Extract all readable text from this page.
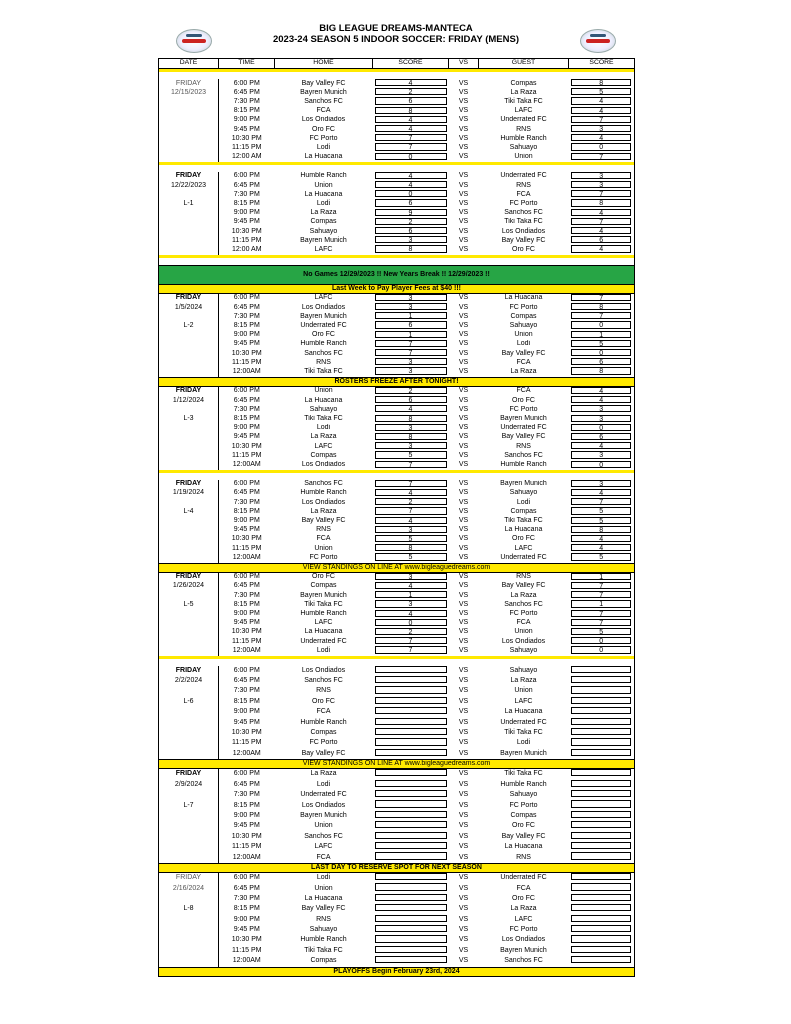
BIG LEAGUE DREAMS-MANTECA
2023-24 SEASON 5 INDOOR SOCCER: FRIDAY (MENS)
DATE	TIME	HOME	SCORE	VS	GUEST	SCORE

FRIDAY	6:00 PM	Bay Valley FC	4	VS	Compas	8
12/15/2023	6:45 PM	Bayren Munich	2	VS	La Raza	5
	7:30 PM	Sanchos FC	6	VS	Tiki Taka FC	4
	8:15 PM	FCA	8	VS	LAFC	4
	9:00 PM	Los Ondiados	4	VS	Underrated FC	7
	9:45 PM	Oro FC	4	VS	RNS	3
	10:30 PM	FC Porto	7	VS	Humble Ranch	4
	11:15 PM	Lodi	7	VS	Sahuayo	0
	12:00 AM	La Huacana	0	VS	Union	7

FRIDAY	6:00 PM	Humble Ranch	4	VS	Underrated FC	3
12/22/2023	6:45 PM	Union	4	VS	RNS	3
	7:30 PM	La Huacana	0	VS	FCA	7
L-1	8:15 PM	Lodi	6	VS	FC Porto	8
	9:00 PM	La Raza	9	VS	Sanchos FC	4
	9:45 PM	Compas	2	VS	Tiki Taka FC	7
	10:30 PM	Sahuayo	6	VS	Los Ondiados	4
	11:15 PM	Bayren Munich	3	VS	Bay Valley FC	6
	12:00 AM	LAFC	8	VS	Oro FC	4

No Games 12/29/2023 !! New Years Break !! 12/29/2023 !!						
Last Week to Pay Player Fees at $40 !!!						
FRIDAY	6:00 PM	LAFC	3	VS	La Huacana	7
1/5/2024	6:45 PM	Los Ondiados	3	VS	FC Porto	8
	7:30 PM	Bayren Munich	1	VS	Compas	7
L-2	8:15 PM	Underrated FC	6	VS	Sahuayo	0
	9:00 PM	Oro FC	1	VS	Union	1
	9:45 PM	Humble Ranch	7	VS	Lodi	5
	10:30 PM	Sanchos FC	7	VS	Bay Valley FC	0
	11:15 PM	RNS	3	VS	FCA	6
	12:00AM	Tiki Taka FC	3	VS	La Raza	8
ROSTERS FREEZE AFTER TONIGHT!						
FRIDAY	6:00 PM	Union	2	VS	FCA	4
1/12/2024	6:45 PM	La Huacana	6	VS	Oro FC	4
	7:30 PM	Sahuayo	4	VS	FC Porto	3
L-3	8:15 PM	Tiki Taka FC	8	VS	Bayren Munich	3
	9:00 PM	Lodi	3	VS	Underrated FC	0
	9:45 PM	La Raza	8	VS	Bay Valley FC	6
	10:30 PM	LAFC	3	VS	RNS	4
	11:15 PM	Compas	5	VS	Sanchos FC	3
	12:00AM	Los Ondiados	7	VS	Humble Ranch	0

FRIDAY	6:00 PM	Sanchos FC	7	VS	Bayren Munich	3
1/19/2024	6:45 PM	Humble Ranch	4	VS	Sahuayo	4
	7:30 PM	Los Ondiados	2	VS	Lodi	7
L-4	8:15 PM	La Raza	7	VS	Compas	5
	9:00 PM	Bay Valley FC	4	VS	Tiki Taka FC	5
	9:45 PM	RNS	3	VS	La Huacana	8
	10:30 PM	FCA	5	VS	Oro FC	4
	11:15 PM	Union	8	VS	LAFC	4
	12:00AM	FC Porto	5	VS	Underrated FC	5
VIEW STANDINGS ON LINE AT www.bigleaguedreams.com						
FRIDAY	6:00 PM	Oro FC	3	VS	RNS	1
1/26/2024	6:45 PM	Compas	4	VS	Bay Valley FC	7
	7:30 PM	Bayren Munich	1	VS	La Raza	7
L-5	8:15 PM	Tiki Taka FC	3	VS	Sanchos FC	1
	9:00 PM	Humble Ranch	4	VS	FC Porto	7
	9:45 PM	LAFC	0	VS	FCA	7
	10:30 PM	La Huacana	2	VS	Union	5
	11:15 PM	Underrated FC	7	VS	Los Ondiados	0
	12:00AM	Lodi	7	VS	Sahuayo	0

FRIDAY	6:00 PM	Los Ondiados		VS	Sahuayo	
2/2/2024	6:45 PM	Sanchos FC		VS	La Raza	
	7:30 PM	RNS		VS	Union	
L-6	8:15 PM	Oro FC		VS	LAFC	
	9:00 PM	FCA		VS	La Huacana	
	9:45 PM	Humble Ranch		VS	Underrated FC	
	10:30 PM	Compas		VS	Tiki Taka FC	
	11:15 PM	FC Porto		VS	Lodi	
	12:00AM	Bay Valley FC		VS	Bayren Munich	
VIEW STANDINGS ON LINE AT www.bigleaguedreams.com						
FRIDAY	6:00 PM	La Raza		VS	Tiki Taka FC	
2/9/2024	6:45 PM	Lodi		VS	Humble Ranch	
	7:30 PM	Underrated FC		VS	Sahuayo	
L-7	8:15 PM	Los Ondiados		VS	FC Porto	
	9:00 PM	Bayren Munich		VS	Compas	
	9:45 PM	Union		VS	Oro FC	
	10:30 PM	Sanchos FC		VS	Bay Valley FC	
	11:15 PM	LAFC		VS	La Huacana	
	12:00AM	FCA		VS	RNS	
LAST DAY TO RESERVE SPOT FOR NEXT SEASON						
FRIDAY	6:00 PM	Lodi		VS	Underrated FC	
2/16/2024	6:45 PM	Union		VS	FCA	
	7:30 PM	La Huacana		VS	Oro FC	
L-8	8:15 PM	Bay Valley FC		VS	La Raza	
	9:00 PM	RNS		VS	LAFC	
	9:45 PM	Sahuayo		VS	FC Porto	
	10:30 PM	Humble Ranch		VS	Los Ondiados	
	11:15 PM	Tiki Taka FC		VS	Bayren Munich	
	12:00AM	Compas		VS	Sanchos FC	
PLAYOFFS Begin February 23rd, 2024						
